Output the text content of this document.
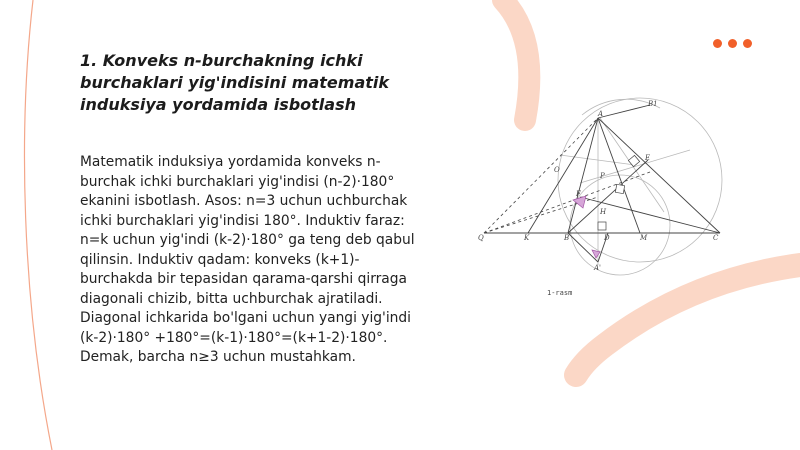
1. Konveks n-burchakning ichki burchaklari yig'indisini matematik induksiya yordamida isbotlash

Matematik induksiya yordamida konveks n-burchak ichki burchaklari yig'indisi (n-2)·180° ekanini isbotlash. Asos: n=3 uchun uchburchak ichki burchaklari yig'indisi 180°. Induktiv faraz: n=k uchun yig'indi (k-2)·180° ga teng deb qabul qilinsin. Induktiv qadam: konveks (k+1)-burchakda bir tepasidan qarama-qarshi qirraga diagonali chizib, bitta uchburchak ajratiladi. Diagonal ichkarida bo'lgani uchun yangi yig'indi (k-2)·180° +180°=(k-1)·180°=(k+1-2)·180°. Demak, barcha n≥3 uchun mustahkam.

Q	K	B	D	M	C
A
A'
B1
O
E
F
H
P
1-rasm
